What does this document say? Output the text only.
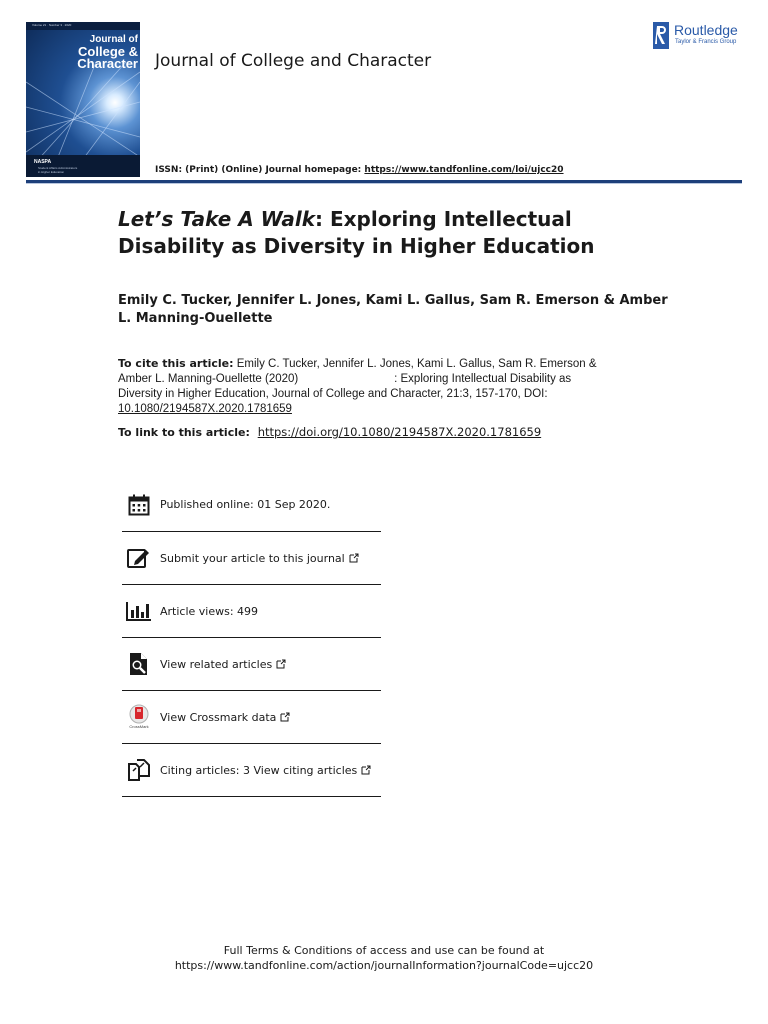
Volume 21 · Number 3 · 2020
Journal of
College &
Character
NASPA
Student Affairs Administrators in Higher Education
Journal of College and Character
Routledge
Taylor & Francis Group
ISSN: (Print) (Online) Journal homepage: https://www.tandfonline.com/loi/ujcc20
Let’s Take A Walk: Exploring Intellectual Disability as Diversity in Higher Education
Emily C. Tucker, Jennifer L. Jones, Kami L. Gallus, Sam R. Emerson & Amber L. Manning-Ouellette
To cite this article: Emily C. Tucker, Jennifer L. Jones, Kami L. Gallus, Sam R. Emerson & Amber L. Manning-Ouellette (2020)                              : Exploring Intellectual Disability as Diversity in Higher Education, Journal of College and Character, 21:3, 157-170, DOI: 10.1080/2194587X.2020.1781659
To link to this article: https://doi.org/10.1080/2194587X.2020.1781659
Published online: 01 Sep 2020.
Submit your article to this journal
Article views: 499
View related articles
CrossMark
View Crossmark data
Citing articles: 3 View citing articles
Full Terms & Conditions of access and use can be found at
https://www.tandfonline.com/action/journalInformation?journalCode=ujcc20
